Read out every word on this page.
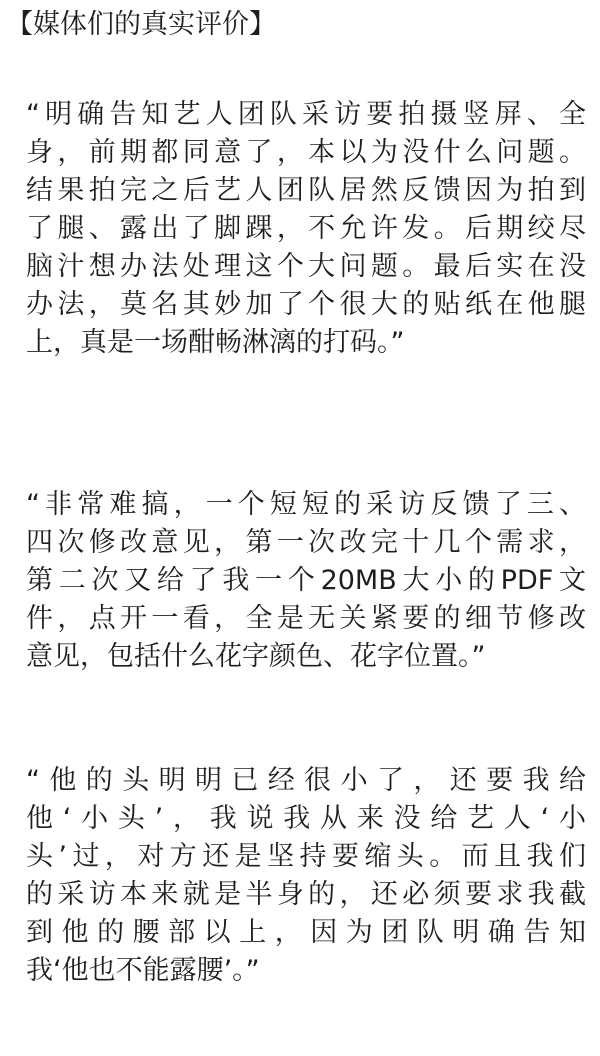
【媒体们的真实评价】
“明确告知艺人团队采访要拍摄竖屏、全
身，前期都同意了，本以为没什么问题。
结果拍完之后艺人团队居然反馈因为拍到
了腿、露出了脚踝，不允许发。后期绞尽
脑汁想办法处理这个大问题。最后实在没
办法，莫名其妙加了个很大的贴纸在他腿
上，真是一场酣畅淋漓的打码。”
“非常难搞，一个短短的采访反馈了三、
四次修改意见，第一次改完十几个需求，
第二次又给了我一个20MB大小的PDF文
件，点开一看，全是无关紧要的细节修改
意见，包括什么花字颜色、花字位置。”
“他的头明明已经很小了，还要我给
他‘小头’，我说我从来没给艺人‘小
头’过，对方还是坚持要缩头。而且我们
的采访本来就是半身的，还必须要求我截
到他的腰部以上，因为团队明确告知
我‘他也不能露腰’。”
